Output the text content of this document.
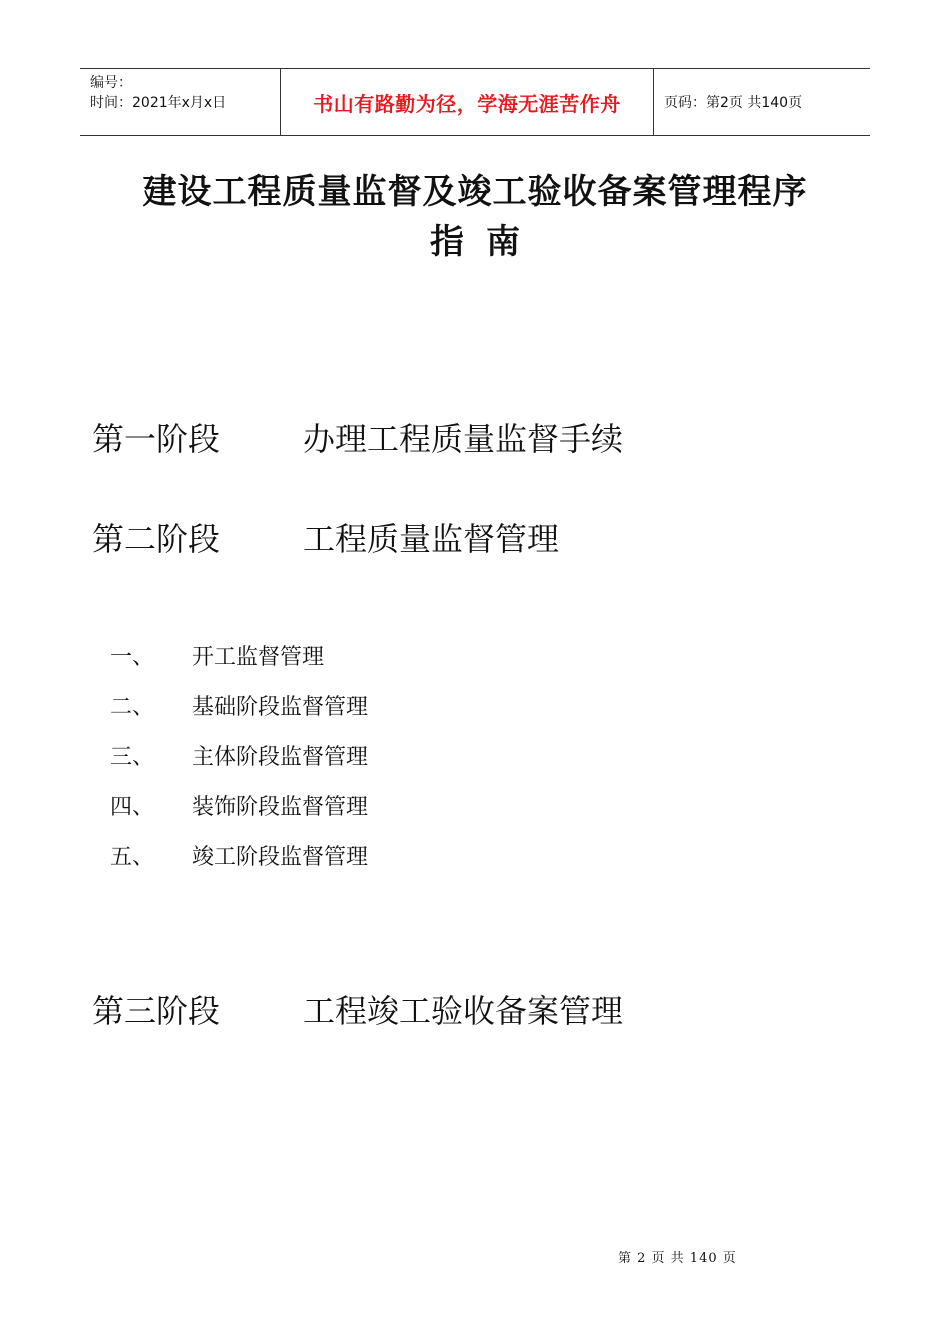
编号：
时间：2021年x月x日	书山有路勤为径，学海无涯苦作舟	页码：第2页 共140页
建设工程质量监督及竣工验收备案管理程序
指南
第一阶段	办理工程质量监督手续
第二阶段	工程质量监督管理
一、	开工监督管理
二、	基础阶段监督管理
三、	主体阶段监督管理
四、	装饰阶段监督管理
五、	竣工阶段监督管理
第三阶段	工程竣工验收备案管理
第 2 页 共 140 页
